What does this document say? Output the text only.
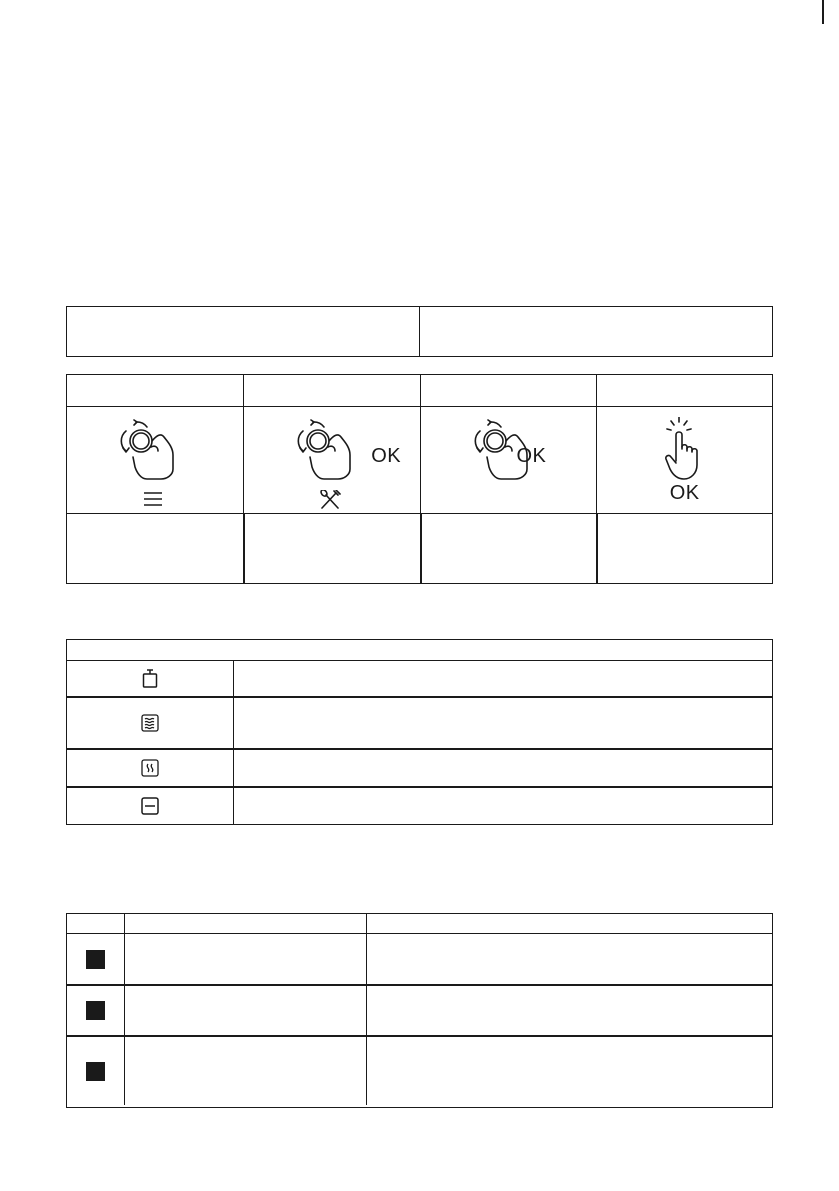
OK	OK
OK
